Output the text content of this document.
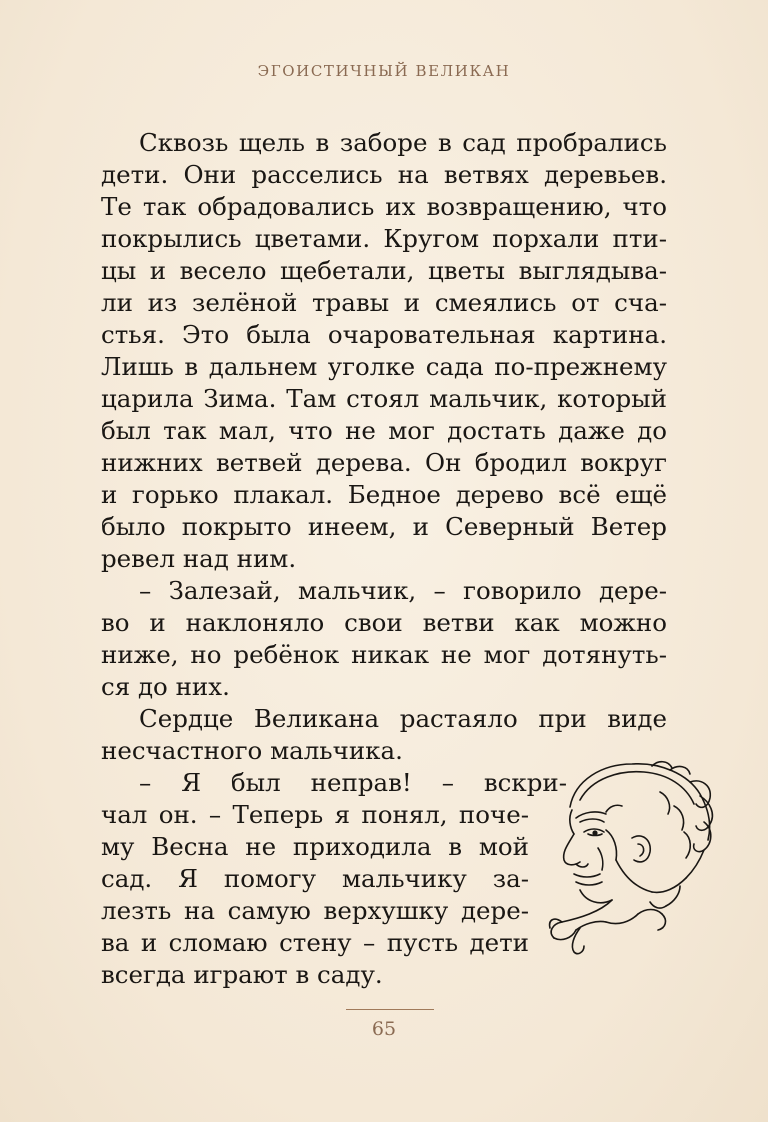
ЭГОИСТИЧНЫЙ ВЕЛИКАН
Сквозь щель в заборе в сад пробрались
дети. Они расселись на ветвях деревьев.
Те так обрадовались их возвращению, что
покрылись цветами. Кругом порхали пти-
цы и весело щебетали, цветы выглядыва-
ли из зелёной травы и смеялись от сча-
стья. Это была очаровательная картина.
Лишь в дальнем уголке сада по-прежнему
царила Зима. Там стоял мальчик, который
был так мал, что не мог достать даже до
нижних ветвей дерева. Он бродил вокруг
и горько плакал. Бедное дерево всё ещё
было покрыто инеем, и Северный Ветер
ревел над ним.
– Залезай, мальчик, – говорило дере-
во и наклоняло свои ветви как можно
ниже, но ребёнок никак не мог дотянуть-
ся до них.
Сердце Великана растаяло при виде
несчастного мальчика.
– Я был неправ! – вскри-
чал он. – Теперь я понял, поче-
му Весна не приходила в мой
сад. Я помогу мальчику за-
лезть на самую верхушку дере-
ва и сломаю стену – пусть дети
всегда играют в саду.
65
